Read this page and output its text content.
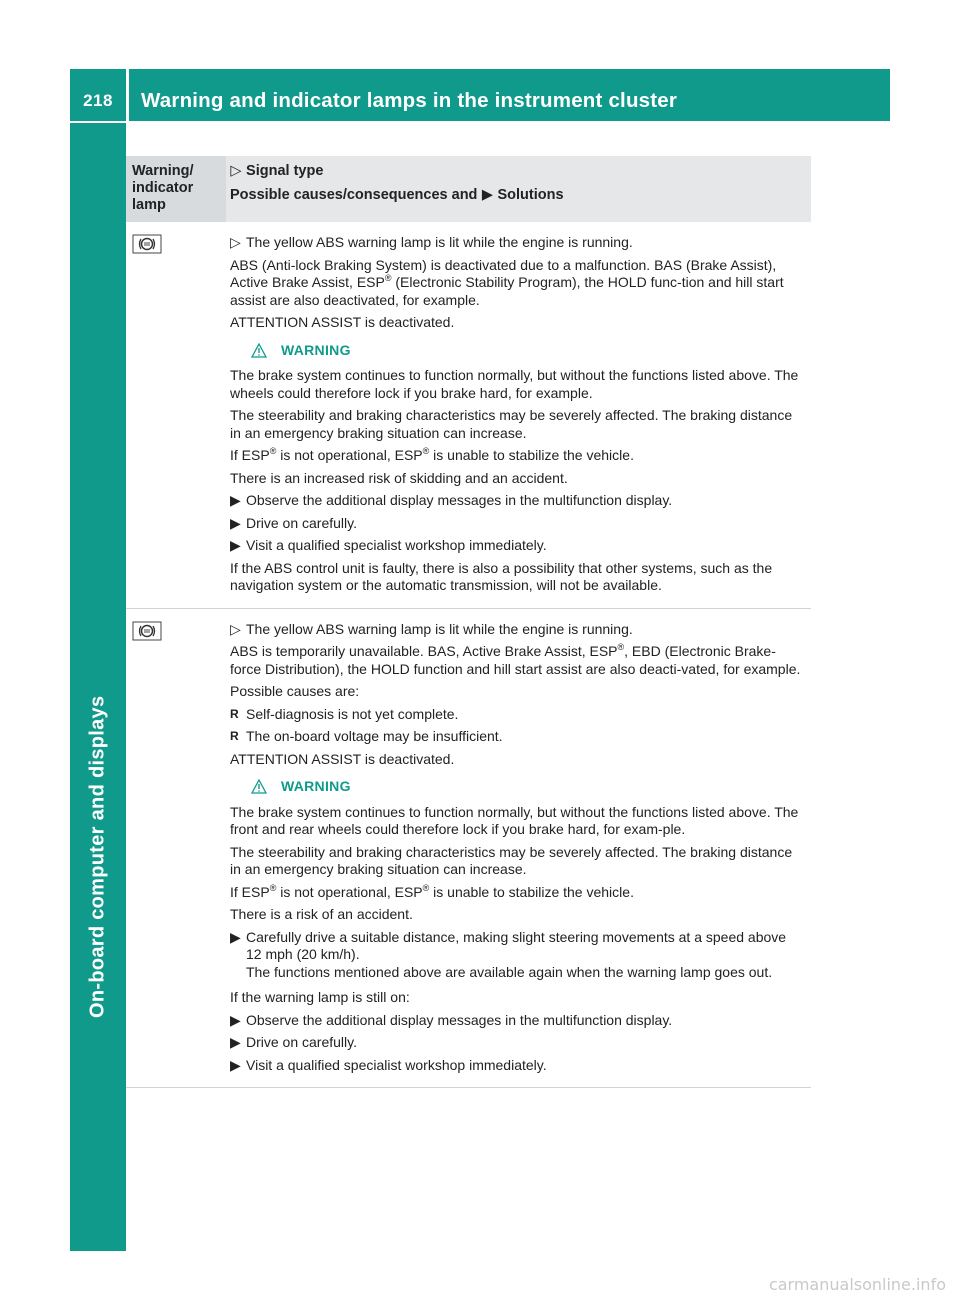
218	Warning and indicator lamps in the instrument cluster
On-board computer and displays
Warning/
indicator
lamp
▷ Signal type
Possible causes/consequences and ▶ Solutions
▷ The yellow ABS warning lamp is lit while the engine is running.

ABS (Anti-lock Braking System) is deactivated due to a malfunction. BAS (Brake Assist), Active Brake Assist, ESP® (Electronic Stability Program), the HOLD func-tion and hill start assist are also deactivated, for example.

ATTENTION ASSIST is deactivated.

WARNING

The brake system continues to function normally, but without the functions listed above. The wheels could therefore lock if you brake hard, for example.

The steerability and braking characteristics may be severely affected. The braking distance in an emergency braking situation can increase.

If ESP® is not operational, ESP® is unable to stabilize the vehicle.

There is an increased risk of skidding and an accident.

▶ Observe the additional display messages in the multifunction display.
▶ Drive on carefully.
▶ Visit a qualified specialist workshop immediately.

If the ABS control unit is faulty, there is also a possibility that other systems, such as the navigation system or the automatic transmission, will not be available.

▷ The yellow ABS warning lamp is lit while the engine is running.

ABS is temporarily unavailable. BAS, Active Brake Assist, ESP®, EBD (Electronic Brake-force Distribution), the HOLD function and hill start assist are also deacti-vated, for example.

Possible causes are:

R Self-diagnosis is not yet complete.
R The on-board voltage may be insufficient.

ATTENTION ASSIST is deactivated.

WARNING

The brake system continues to function normally, but without the functions listed above. The front and rear wheels could therefore lock if you brake hard, for exam-ple.

The steerability and braking characteristics may be severely affected. The braking distance in an emergency braking situation can increase.

If ESP® is not operational, ESP® is unable to stabilize the vehicle.

There is a risk of an accident.

▶ Carefully drive a suitable distance, making slight steering movements at a speed above 12 mph (20 km/h).
The functions mentioned above are available again when the warning lamp goes out.

If the warning lamp is still on:

▶ Observe the additional display messages in the multifunction display.
▶ Drive on carefully.
▶ Visit a qualified specialist workshop immediately.
carmanualsonline.info
